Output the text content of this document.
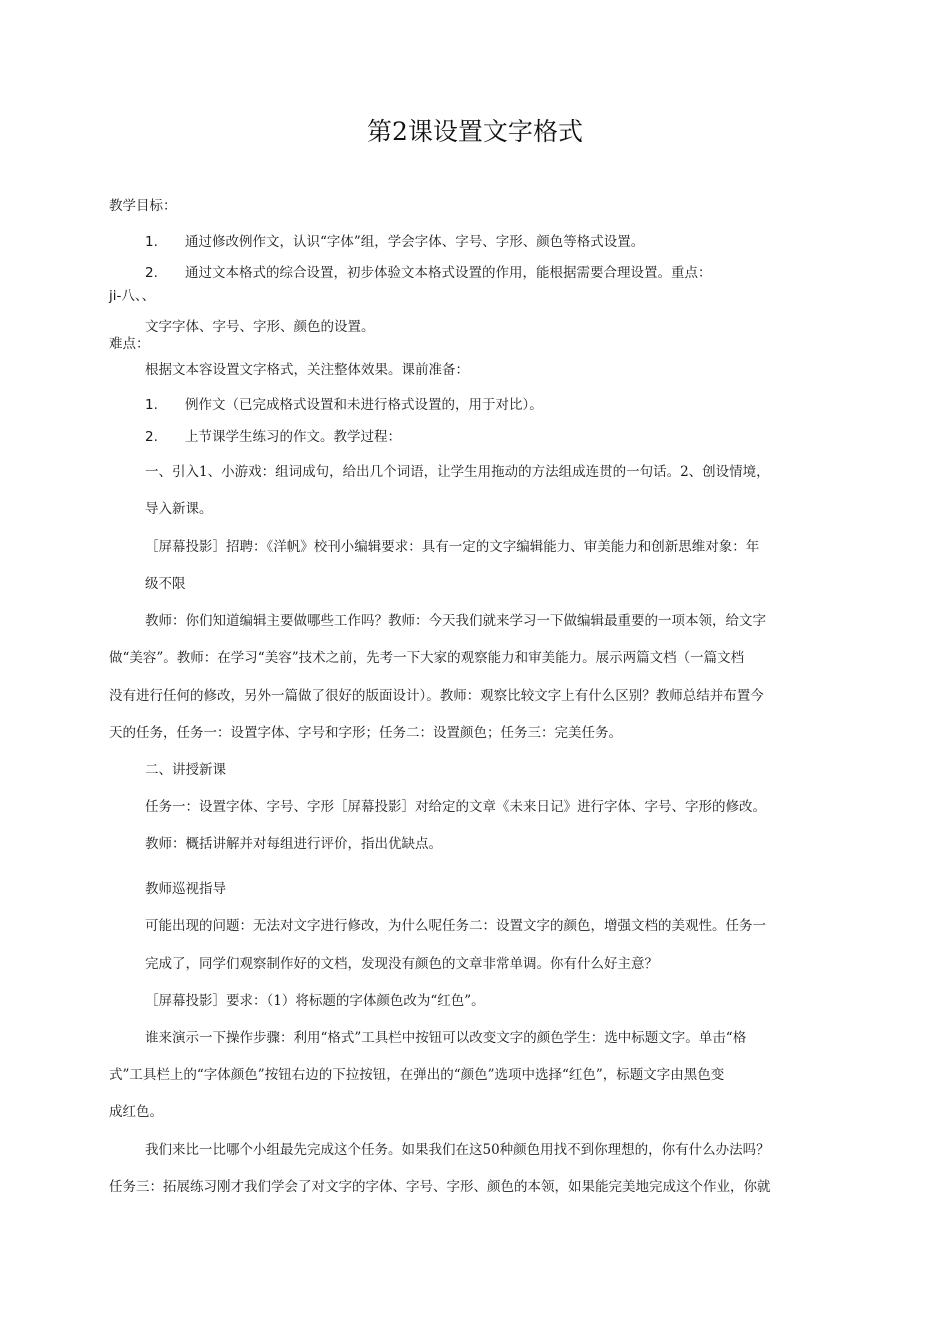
第2课设置文字格式
教学目标：
1. 通过修改例作文，认识“字体”组，学会字体、字号、字形、颜色等格式设置。
2. 通过文本格式的综合设置，初步体验文本格式设置的作用，能根据需要合理设置。重点：
ji-八、、
文字字体、字号、字形、颜色的设置。
难点：
根据文本容设置文字格式，关注整体效果。课前准备：
1. 例作文（已完成格式设置和未进行格式设置的，用于对比）。
2. 上节课学生练习的作文。教学过程：
一、引入1、小游戏：组词成句，给出几个词语，让学生用拖动的方法组成连贯的一句话。2、创设情境，
导入新课。
［屏幕投影］招聘：《洋帆》校刊小编辑要求：具有一定的文字编辑能力、审美能力和创新思维对象：年
级不限
教师：你们知道编辑主要做哪些工作吗？教师：今天我们就来学习一下做编辑最重要的一项本领，给文字
做“美容”。教师：在学习“美容”技术之前，先考一下大家的观察能力和审美能力。展示两篇文档（一篇文档
没有进行任何的修改，另外一篇做了很好的版面设计）。教师：观察比较文字上有什么区别？教师总结并布置今
天的任务，任务一：设置字体、字号和字形；任务二：设置颜色；任务三：完美任务。
二、讲授新课
任务一：设置字体、字号、字形［屏幕投影］对给定的文章《未来日记》进行字体、字号、字形的修改。
教师：概括讲解并对每组进行评价，指出优缺点。
教师巡视指导
可能出现的问题：无法对文字进行修改，为什么呢任务二：设置文字的颜色，增强文档的美观性。任务一
完成了，同学们观察制作好的文档，发现没有颜色的文章非常单调。你有什么好主意？
［屏幕投影］要求：（1）将标题的字体颜色改为“红色”。
谁来演示一下操作步骤：利用“格式”工具栏中按钮可以改变文字的颜色学生：选中标题文字。单击“格
式”工具栏上的“字体颜色”按钮右边的下拉按钮，在弹出的“颜色”选项中选择“红色”，标题文字由黑色变
成红色。
我们来比一比哪个小组最先完成这个任务。如果我们在这50种颜色用找不到你理想的，你有什么办法吗？
任务三：拓展练习刚才我们学会了对文字的字体、字号、字形、颜色的本领，如果能完美地完成这个作业，你就
